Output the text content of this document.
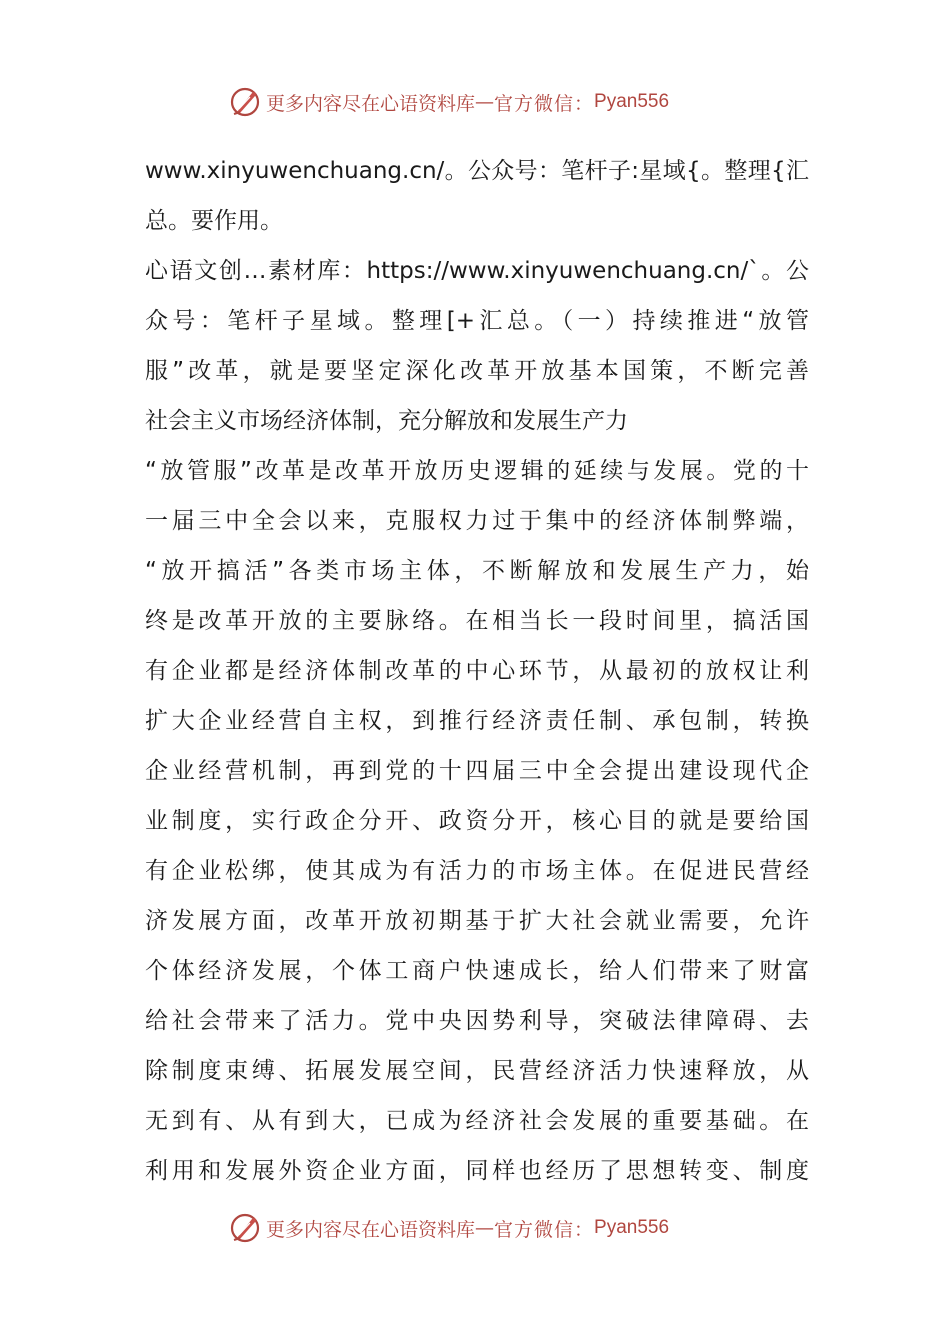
更多内容尽在心语资料库 — 官方微信： Pyan556
www.xinyuwenchuang.cn/。公众号：笔杆子:星域{。整理{汇
总。要作用。
心语文创…素材库：https://www.xinyuwenchuang.cn/`。公
众号：笔杆子星域。整理[+汇总。（一）持续推进“放管
服”改革，就是要坚定深化改革开放基本国策，不断完善
社会主义市场经济体制，充分解放和发展生产力
“放管服”改革是改革开放历史逻辑的延续与发展。党的十
一届三中全会以来，克服权力过于集中的经济体制弊端，
“放开搞活”各类市场主体，不断解放和发展生产力，始
终是改革开放的主要脉络。在相当长一段时间里，搞活国
有企业都是经济体制改革的中心环节，从最初的放权让利
扩大企业经营自主权，到推行经济责任制、承包制，转换
企业经营机制，再到党的十四届三中全会提出建设现代企
业制度，实行政企分开、政资分开，核心目的就是要给国
有企业松绑，使其成为有活力的市场主体。在促进民营经
济发展方面，改革开放初期基于扩大社会就业需要，允许
个体经济发展，个体工商户快速成长，给人们带来了财富
给社会带来了活力。党中央因势利导，突破法律障碍、去
除制度束缚、拓展发展空间，民营经济活力快速释放，从
无到有、从有到大，已成为经济社会发展的重要基础。在
利用和发展外资企业方面，同样也经历了思想转变、制度
更多内容尽在心语资料库 — 官方微信： Pyan556
